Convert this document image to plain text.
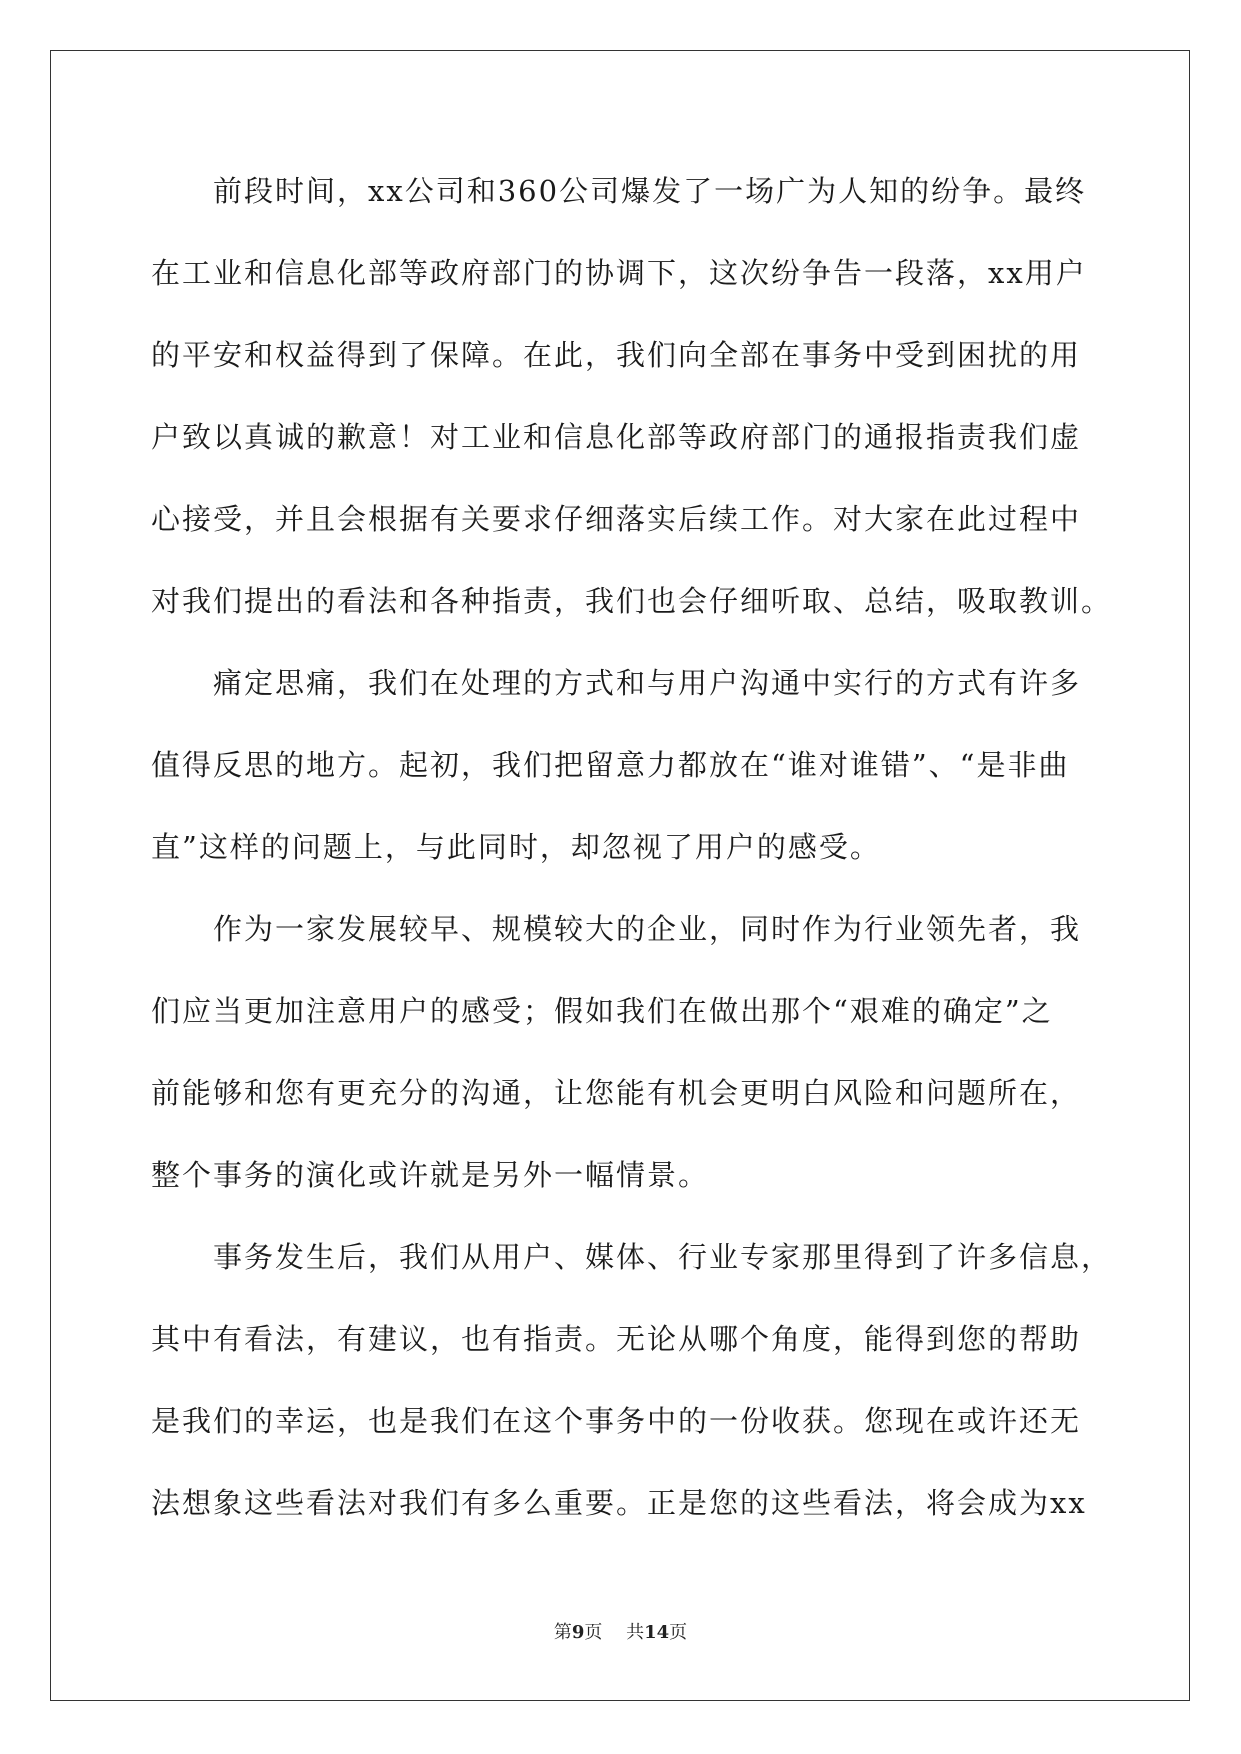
　　前段时间，xx公司和360公司爆发了一场广为人知的纷争。最终
在工业和信息化部等政府部门的协调下，这次纷争告一段落，xx用户
的平安和权益得到了保障。在此，我们向全部在事务中受到困扰的用
户致以真诚的歉意！对工业和信息化部等政府部门的通报指责我们虚
心接受，并且会根据有关要求仔细落实后续工作。对大家在此过程中
对我们提出的看法和各种指责，我们也会仔细听取、总结，吸取教训。
　　痛定思痛，我们在处理的方式和与用户沟通中实行的方式有许多
值得反思的地方。起初，我们把留意力都放在“谁对谁错”、“是非曲
直”这样的问题上，与此同时，却忽视了用户的感受。
　　作为一家发展较早、规模较大的企业，同时作为行业领先者，我
们应当更加注意用户的感受；假如我们在做出那个“艰难的确定”之
前能够和您有更充分的沟通，让您能有机会更明白风险和问题所在，
整个事务的演化或许就是另外一幅情景。
　　事务发生后，我们从用户、媒体、行业专家那里得到了许多信息，
其中有看法，有建议，也有指责。无论从哪个角度，能得到您的帮助
是我们的幸运，也是我们在这个事务中的一份收获。您现在或许还无
法想象这些看法对我们有多么重要。正是您的这些看法，将会成为xx
第9页 　 共14页
